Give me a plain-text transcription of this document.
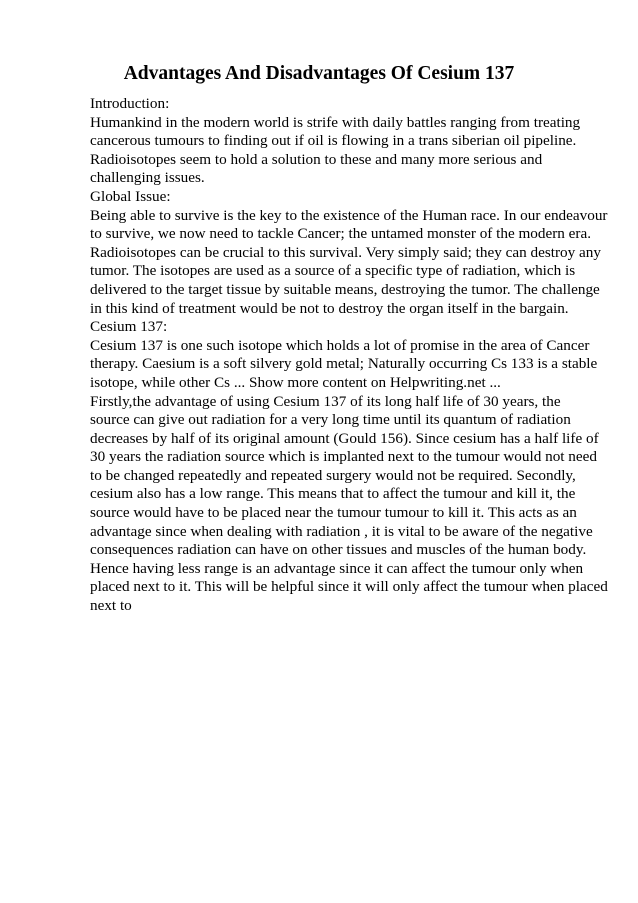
Advantages And Disadvantages Of Cesium 137
Introduction:
Humankind in the modern world is strife with daily battles ranging from treating
cancerous tumours to finding out if oil is flowing in a trans siberian oil pipeline.
Radioisotopes seem to hold a solution to these and many more serious and
challenging issues.
Global Issue:
Being able to survive is the key to the existence of the Human race. In our endeavour
to survive, we now need to tackle Cancer; the untamed monster of the modern era.
Radioisotopes can be crucial to this survival. Very simply said; they can destroy any
tumor. The isotopes are used as a source of a specific type of radiation, which is
delivered to the target tissue by suitable means, destroying the tumor. The challenge
in this kind of treatment would be not to destroy the organ itself in the bargain.
Cesium 137:
Cesium 137 is one such isotope which holds a lot of promise in the area of Cancer
therapy. Caesium is a soft silvery gold metal; Naturally occurring Cs 133 is a stable
isotope, while other Cs ... Show more content on Helpwriting.net ...
Firstly,the advantage of using Cesium 137 of its long half life of 30 years, the
source can give out radiation for a very long time until its quantum of radiation
decreases by half of its original amount (Gould 156). Since cesium has a half life of
30 years the radiation source which is implanted next to the tumour would not need
to be changed repeatedly and repeated surgery would not be required. Secondly,
cesium also has a low range. This means that to affect the tumour and kill it, the
source would have to be placed near the tumour tumour to kill it. This acts as an
advantage since when dealing with radiation , it is vital to be aware of the negative
consequences radiation can have on other tissues and muscles of the human body.
Hence having less range is an advantage since it can affect the tumour only when
placed next to it. This will be helpful since it will only affect the tumour when placed
next to
